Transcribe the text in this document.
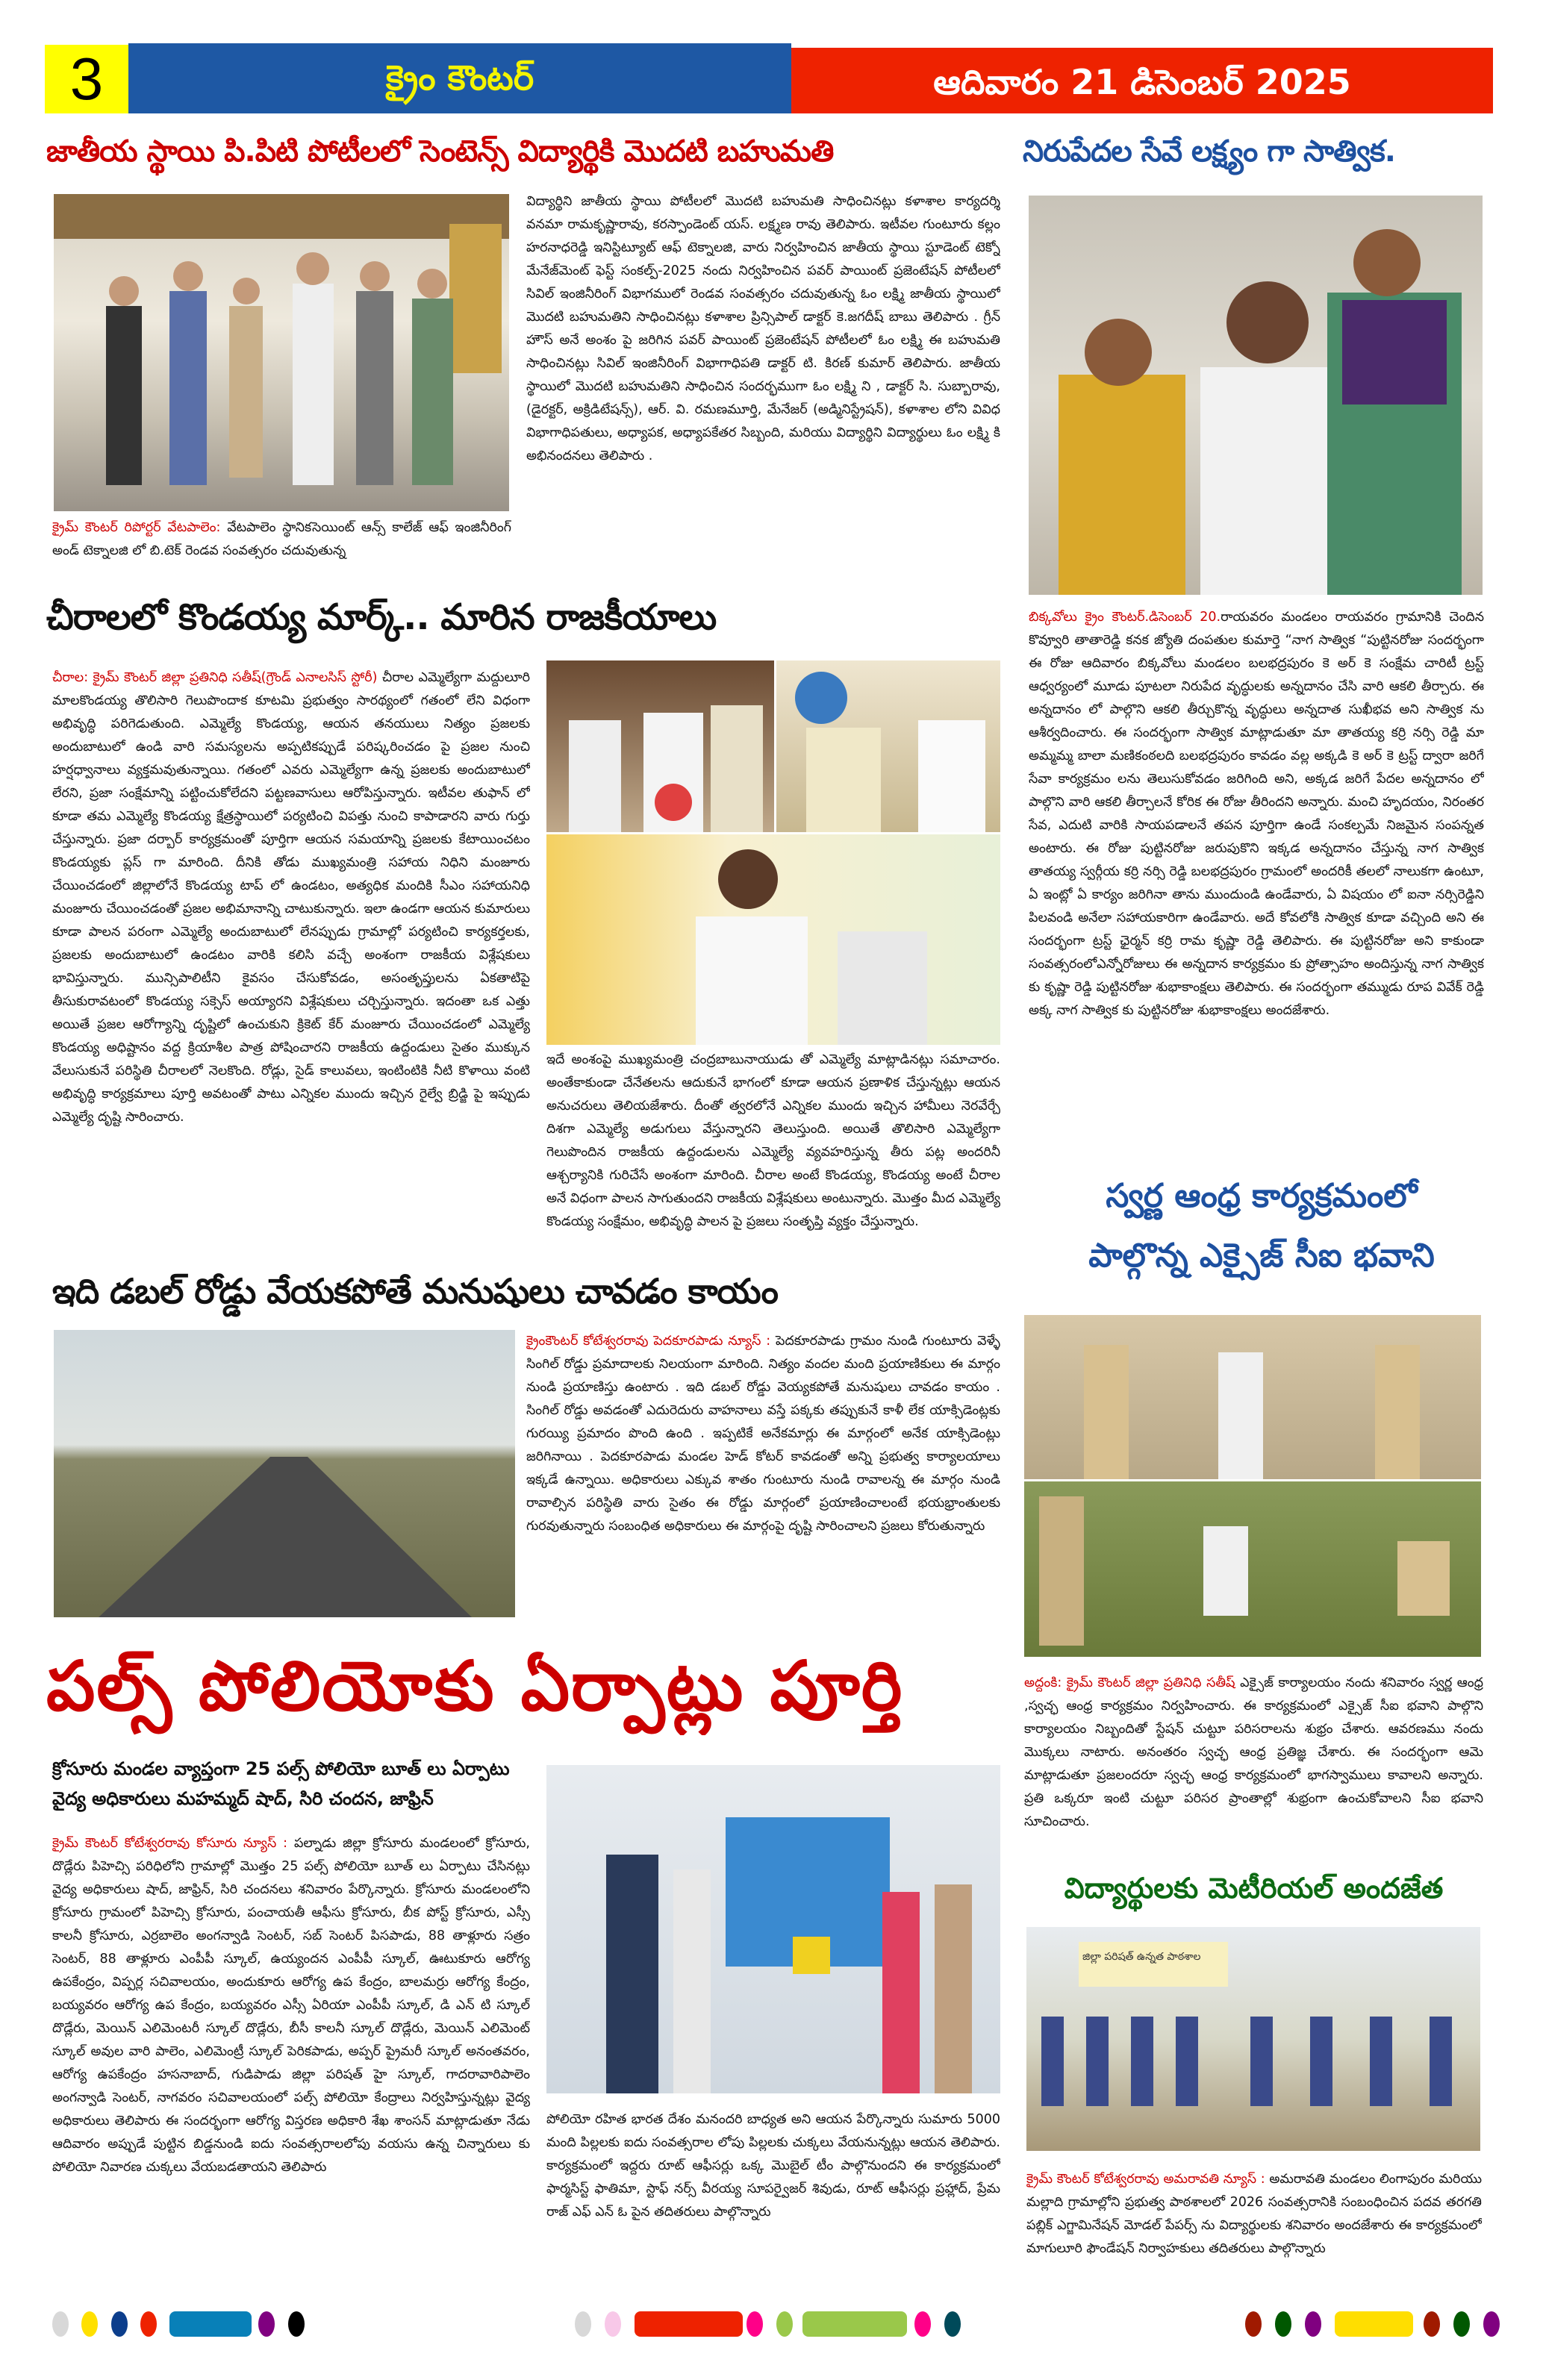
3	క్రైం కౌంటర్	ఆదివారం 21 డిసెంబర్ 2025
జాతీయ స్థాయి పి.పిటి పోటీలలో సెంటెన్స్ విద్యార్థికి మొదటి బహుమతి
క్రైమ్ కౌంటర్ రిపోర్టర్ వేటపాలెం: వేటపాలెం స్థానికసెయింట్ ఆన్స్ కాలేజ్ ఆఫ్ ఇంజినీరింగ్ అండ్ టెక్నాలజి లో బి.టెక్ రెండవ సంవత్సరం చదువుతున్న
విద్యార్థిని జాతీయ స్థాయి పోటీలలో మొదటి బహుమతి సాధించినట్లు కళాశాల కార్యదర్శి వనమా రామకృష్ణారావు, కరస్పాండెంట్ యస్. లక్ష్మణ రావు తెలిపారు. ఇటీవల గుంటూరు కల్లం హరనాధరెడ్డి ఇనిస్టిట్యూట్ ఆఫ్ టెక్నాలజి, వారు నిర్వహించిన జాతీయ స్థాయి స్టూడెంట్ టెక్నో మేనేజ్‌మెంట్ ఫెస్ట్ సంకల్ప్-2025 నందు నిర్వహించిన పవర్ పాయింట్ ప్రజెంటేషన్ పోటీలలో సివిల్ ఇంజినీరింగ్ విభాగములో రెండవ సంవత్సరం చదువుతున్న ఓం లక్ష్మి జాతీయ స్థాయిలో మొదటి బహుమతిని సాధించినట్లు కళాశాల ప్రిన్సిపాల్ డాక్టర్ కె.జగదీష్ బాబు తెలిపారు . గ్రీన్ హౌస్ అనే అంశం పై జరిగిన పవర్ పాయింట్ ప్రజెంటేషన్ పోటీలలో ఓం లక్ష్మి ఈ బహుమతి సాధించినట్లు సివిల్ ఇంజినీరింగ్ విభాగాధిపతి డాక్టర్ టి. కిరణ్ కుమార్ తెలిపారు. జాతీయ స్థాయిలో మొదటి బహుమతిని సాధించిన సందర్భముగా ఓం లక్ష్మి ని , డాక్టర్ సి. సుబ్బారావు, (డైరక్టర్, అక్రిడిటేషన్స్), ఆర్. వి. రమణమూర్తి, మేనేజర్ (అడ్మినిస్ట్రేషన్), కళాశాల లోని వివిధ విభాగాధిపతులు, అధ్యాపక, అధ్యాపకేతర సిబ్బంది, మరియు విద్యార్థిని విద్యార్థులు ఓం లక్ష్మి కి అభినందనలు తెలిపారు .
నిరుపేదల సేవే లక్ష్యం గా సాత్విక.
బిక్కవోలు క్రైం కౌంటర్.డిసెంబర్ 20.రాయవరం మండలం రాయవరం గ్రామానికి చెందిన కొవ్వూరి తాతారెడ్డి కనక జ్యోతి దంపతుల కుమార్తె “నాగ సాత్విక “పుట్టినరోజు సందర్భంగా ఈ రోజు ఆదివారం బిక్కవోలు మండలం బలభద్రపురం కె అర్ కె సంక్షేమ చారిటీ ట్రస్ట్ ఆధ్వర్యంలో మూడు పూటలా నిరుపేద వృద్ధులకు అన్నదానం చేసి వారి ఆకలి తీర్చారు. ఈ అన్నదానం లో పాల్గొని ఆకలి తీర్చుకొన్న వృద్ధులు అన్నదాత సుఖీభవ అని సాత్విక ను ఆశీర్వదించారు. ఈ సందర్భంగా సాత్విక మాట్లాడుతూ మా తాతయ్య కర్రి నర్సి రెడ్డి మా అమ్మమ్మ బాలా మణికంఠలది బలభద్రపురం కావడం వల్ల అక్కడి కె అర్ కె ట్రస్ట్ ద్వారా జరిగే సేవా కార్యక్రమం లను తెలుసుకోవడం జరిగింది అని, అక్కడ జరిగే పేదల అన్నదానం లో పాల్గొని వారి ఆకలి తీర్చాలనే కోరిక ఈ రోజు తీరిందని అన్నారు. మంచి హృదయం, నిరంతర సేవ, ఎదుటి వారికి సాయపడాలనే తపన పూర్తిగా ఉండే సంకల్పమే నిజమైన సంపన్నత అంటారు. ఈ రోజు పుట్టినరోజు జరుపుకొని ఇక్కడ అన్నదానం చేస్తున్న నాగ సాత్విక తాతయ్య స్వర్గీయ కర్రి నర్సి రెడ్డి బలభద్రపురం గ్రామంలో అందరికీ తలలో నాలుకగా ఉంటూ, ఏ ఇంట్లో ఏ కార్యం జరిగినా తాను ముందుండి ఉండేవారు, ఏ విషయం లో ఐనా నర్సిరెడ్డిని పిలవండి అనేలా సహాయకారిగా ఉండేవారు. అదే కోవలోకి సాత్విక కూడా వచ్చింది అని ఈ సందర్భంగా ట్రస్ట్ ఛైర్మన్ కర్రి రామ కృష్ణా రెడ్డి తెలిపారు. ఈ పుట్టినరోజు అని కాకుండా సంవత్సరంలోఎన్నోరోజులు ఈ అన్నదాన కార్యక్రమం కు ప్రోత్సాహం అందిస్తున్న నాగ సాత్విక కు కృష్ణా రెడ్డి పుట్టినరోజు శుభాకాంక్షలు తెలిపారు. ఈ సందర్భంగా తమ్ముడు రూప వివేక్ రెడ్డి అక్క నాగ సాత్విక కు పుట్టినరోజు శుభాకాంక్షలు అందజేశారు.
చీరాలలో కొండయ్య మార్క్.. మారిన రాజకీయాలు
చీరాల: క్రైమ్ కౌంటర్ జిల్లా ప్రతినిధి సతీష్(గ్రౌండ్ ఎనాలసిస్ స్టోరీ) చీరాల ఎమ్మెల్యేగా మద్దులూరి మాలకొండయ్య తొలిసారి గెలుపొందాక కూటమి ప్రభుత్వం సారథ్యంలో గతంలో లేని విధంగా అభివృద్ధి పరిగెడుతుంది. ఎమ్మెల్యే కొండయ్య, ఆయన తనయులు నిత్యం ప్రజలకు అందుబాటులో ఉండి వారి సమస్యలను అప్పటికప్పుడే పరిష్కరించడం పై ప్రజల నుంచి హర్షధ్వానాలు వ్యక్తమవుతున్నాయి. గతంలో ఎవరు ఎమ్మెల్యేగా ఉన్న ప్రజలకు అందుబాటులో లేరని, ప్రజా సంక్షేమాన్ని పట్టించుకోలేదని పట్టణవాసులు ఆరోపిస్తున్నారు. ఇటీవల తుఫాన్ లో కూడా తమ ఎమ్మెల్యే కొండయ్య క్షేత్రస్థాయిలో పర్యటించి విపత్తు నుంచి కాపాడారని వారు గుర్తు చేస్తున్నారు. ప్రజా దర్బార్ కార్యక్రమంతో పూర్తిగా ఆయన సమయాన్ని ప్రజలకు కేటాయించటం కొండయ్యకు ప్లస్ గా మారింది. దీనికి తోడు ముఖ్యమంత్రి సహాయ నిధిని మంజూరు చేయించడంలో జిల్లాలోనే కొండయ్య టాప్ లో ఉండటం, అత్యధిక మందికి సీఎం సహాయనిధి మంజూరు చేయించడంతో ప్రజల అభిమానాన్ని చాటుకున్నారు. ఇలా ఉండగా ఆయన కుమారులు కూడా పాలన పరంగా ఎమ్మెల్యే అందుబాటులో లేనప్పుడు గ్రామాల్లో పర్యటించి కార్యకర్తలకు, ప్రజలకు అందుబాటులో ఉండటం వారికి కలిసి వచ్చే అంశంగా రాజకీయ విశ్లేషకులు భావిస్తున్నారు. మున్సిపాలిటీని కైవసం చేసుకోవడం, అసంతృప్తులను ఏకతాటిపై తీసుకురావటంలో కొండయ్య సక్సెస్ అయ్యారని విశ్లేషకులు చర్చిస్తున్నారు. ఇదంతా ఒక ఎత్తు అయితే ప్రజల ఆరోగ్యాన్ని దృష్టిలో ఉంచుకుని క్రికెట్ కేర్ మంజూరు చేయించడంలో ఎమ్మెల్యే కొండయ్య అధిష్టానం వద్ద క్రియాశీల పాత్ర పోషించారని రాజకీయ ఉద్దండులు సైతం ముక్కున వేలుసుకునే పరిస్థితి చీరాలలో నెలకొంది. రోడ్లు, సైడ్ కాలువలు, ఇంటింటికి నీటి కొళాయి వంటి అభివృద్ధి కార్యక్రమాలు పూర్తి అవటంతో పాటు ఎన్నికల ముందు ఇచ్చిన రైల్వే బ్రిడ్జి పై ఇప్పుడు ఎమ్మెల్యే దృష్టి సారించారు.
ఇదే అంశంపై ముఖ్యమంత్రి చంద్రబాబునాయుడు తో ఎమ్మెల్యే మాట్లాడినట్లు సమాచారం. అంతేకాకుండా చేనేతలను ఆదుకునే భాగంలో కూడా ఆయన ప్రణాళిక చేస్తున్నట్లు ఆయన అనుచరులు తెలియజేశారు. దీంతో త్వరలోనే ఎన్నికల ముందు ఇచ్చిన హామీలు నెరవేర్చే దిశగా ఎమ్మెల్యే అడుగులు వేస్తున్నారని తెలుస్తుంది. అయితే తొలిసారి ఎమ్మెల్యేగా గెలుపొందిన రాజకీయ ఉద్దండులను ఎమ్మెల్యే వ్యవహరిస్తున్న తీరు పట్ల అందరినీ ఆశ్చర్యానికి గురిచేసే అంశంగా మారింది. చీరాల అంటే కొండయ్య, కొండయ్య అంటే చీరాల అనే విధంగా పాలన సాగుతుందని రాజకీయ విశ్లేషకులు అంటున్నారు. మొత్తం మీద ఎమ్మెల్యే కొండయ్య సంక్షేమం, అభివృద్ధి పాలన పై ప్రజలు సంతృప్తి వ్యక్తం చేస్తున్నారు.
ఇది డబల్ రోడ్డు వేయకపోతే మనుషులు చావడం కాయం
క్రైంకౌంటర్ కోటేశ్వరరావు పెదకూరపాడు న్యూస్ : పెదకూరపాడు గ్రామం నుండి గుంటూరు వెళ్ళే సింగిల్ రోడ్డు ప్రమాదాలకు నిలయంగా మారింది. నిత్యం వందల మంది ప్రయాణికులు ఈ మార్గం నుండి ప్రయాణిస్తు ఉంటారు . ఇది డబల్ రోడ్డు వెయ్యకపోతే మనుషులు చావడం కాయం . సింగిల్ రోడ్డు అవడంతో ఎదురెదురు వాహనాలు వస్తే పక్కకు తప్పుకునే కాళీ లేక యాక్సిడెంట్లకు గురయ్యి ప్రమాదం పొంది ఉంది . ఇప్పటికే అనేకమార్లు ఈ మార్గంలో అనేక యాక్సిడెంట్లు జరిగినాయి . పెదకూరపాడు మండల హెడ్ కోటర్ కావడంతో అన్ని ప్రభుత్వ కార్యాలయాలు ఇక్కడే ఉన్నాయి. అధికారులు ఎక్కువ శాతం గుంటూరు నుండి రావాలన్న ఈ మార్గం నుండి రావాల్సిన పరిస్థితి వారు సైతం ఈ రోడ్డు మార్గంలో ప్రయాణించాలంటే భయభ్రాంతులకు గురవుతున్నారు సంబంధిత అధికారులు ఈ మార్గంపై దృష్టి సారించాలని ప్రజలు కోరుతున్నారు
స్వర్ణ ఆంధ్ర కార్యక్రమంలో
పాల్గొన్న ఎక్సైజ్ సీఐ భవాని
అద్దంకి: క్రైమ్ కౌంటర్ జిల్లా ప్రతినిధి సతీష్ ఎక్సైజ్ కార్యాలయం నందు శనివారం స్వర్ణ ఆంధ్ర ,స్వచ్ఛ ఆంధ్ర కార్యక్రమం నిర్వహించారు. ఈ కార్యక్రమంలో ఎక్సైజ్ సీఐ భవాని పాల్గొని కార్యాలయం నిబ్బందితో స్టేషన్ చుట్టూ పరిసరాలను శుభ్రం చేశారు. ఆవరణము నందు మొక్కలు నాటారు. అనంతరం స్వచ్ఛ ఆంధ్ర ప్రతిజ్ఞ చేశారు. ఈ సందర్భంగా ఆమె మాట్లాడుతూ ప్రజలందరూ స్వచ్ఛ ఆంధ్ర కార్యక్రమంలో భాగస్వాములు కావాలని అన్నారు. ప్రతి ఒక్కరూ ఇంటి చుట్టూ పరిసర ప్రాంతాల్లో శుభ్రంగా ఉంచుకోవాలని సీఐ భవాని సూచించారు.
విద్యార్థులకు మెటీరియల్ అందజేత
జిల్లా పరిషత్ ఉన్నత పాఠశాల
క్రైమ్ కౌంటర్ కోటేశ్వరరావు అమరావతి న్యూస్ : అమరావతి మండలం లింగాపురం మరియు మల్లాది గ్రామాల్లోని ప్రభుత్వ పాఠశాలలో 2026 సంవత్సరానికి సంబంధించిన పదవ తరగతి పబ్లిక్ ఎగ్జామినేషన్ మోడల్ పేపర్స్ ను విద్యార్థులకు శనివారం అందజేశారు ఈ కార్యక్రమంలో మాగులూరి ఫౌండేషన్ నిర్వాహకులు తదితరులు పాల్గొన్నారు
పల్స్ పోలియోకు ఏర్పాట్లు పూర్తి
క్రోసూరు మండల వ్యాప్తంగా 25 పల్స్ పోలియో బూత్ లు ఏర్పాటు వైద్య అధికారులు మహమ్మద్ షాద్, సిరి చందన, జాఫ్రిన్
క్రైమ్ కౌంటర్ కోటేశ్వరరావు కోసూరు న్యూస్ : పల్నాడు జిల్లా క్రోసూరు మండలంలో క్రోసూరు, దొడ్లేరు పిహెచ్సి పరిధిలోని గ్రామాల్లో మొత్తం 25 పల్స్ పోలియో బూత్ లు ఏర్పాటు చేసినట్లు వైద్య అధికారులు షాద్, జాఫ్రిన్, సిరి చందనలు శనివారం పేర్కొన్నారు. క్రోసూరు మండలంలోని క్రోసూరు గ్రామంలో పిహెచ్సి క్రోసూరు, పంచాయతీ ఆఫీసు క్రోసూరు, బీక పోస్ట్ క్రోసూరు, ఎస్సీ కాలనీ క్రోసూరు, ఎర్రబాలెం అంగన్వాడి సెంటర్, సబ్ సెంటర్ పిసపాడు, 88 తాళ్లూరు సత్రం సెంటర్, 88 తాళ్లూరు ఎంపీపీ స్కూల్, ఉయ్యందన ఎంపీపీ స్కూల్, ఊటుకూరు ఆరోగ్య ఉపకేంద్రం, విప్పర్ల సచివాలయం, అందుకూరు ఆరోగ్య ఉప కేంద్రం, బాలమర్రు ఆరోగ్య కేంద్రం, బయ్యవరం ఆరోగ్య ఉప కేంద్రం, బయ్యవరం ఎస్సీ ఏరియా ఎంపీపీ స్కూల్, డి ఎన్ టి స్కూల్ దొడ్లేరు, మెయిన్ ఎలిమెంటరీ స్కూల్ దొడ్లేరు, బీసీ కాలనీ స్కూల్ దొడ్లేరు, మెయిన్ ఎలిమెంట్ స్కూల్ అవుల వారి పాలెం, ఎలిమెంట్రీ స్కూల్ పెరికపాడు, అప్పర్ ప్రైమరీ స్కూల్ అనంతవరం, ఆరోగ్య ఉపకేంద్రం హసనాబాద్, గుడిపాడు జిల్లా పరిషత్ హై స్కూల్, గాదరావారిపాలెం అంగన్వాడి సెంటర్, నాగవరం సచివాలయంలో పల్స్ పోలియో కేంద్రాలు నిర్వహిస్తున్నట్లు వైద్య అధికారులు తెలిపారు ఈ సందర్భంగా ఆరోగ్య విస్తరణ అధికారి శేఖ శాంసన్ మాట్లాడుతూ నేడు ఆదివారం అప్పుడే పుట్టిన బిడ్డనుండి ఐదు సంవత్సరాలలోపు వయసు ఉన్న చిన్నారులు కు పోలియో నివారణ చుక్కలు వేయబడతాయని తెలిపారు
పోలియో రహిత భారత దేశం మనందరి బాధ్యత అని ఆయన పేర్కొన్నారు సుమారు 5000 మంది పిల్లలకు ఐదు సంవత్సరాల లోపు పిల్లలకు చుక్కలు వేయనున్నట్లు ఆయన తెలిపారు. కార్యక్రమంలో ఇద్దరు రూట్ ఆఫీసర్లు ఒక్క మొబైల్ టీం పాల్గొనుందని ఈ కార్యక్రమంలో ఫార్మసిస్ట్ ఫాతిమా, స్టాఫ్ నర్స్ వీరయ్య సూపర్వైజర్ శివుడు, రూట్ ఆఫీసర్లు ప్రహ్లాద్, ప్రేమ రాజ్ ఎఫ్ ఎన్ ఓ పైన తదితరులు పాల్గొన్నారు
